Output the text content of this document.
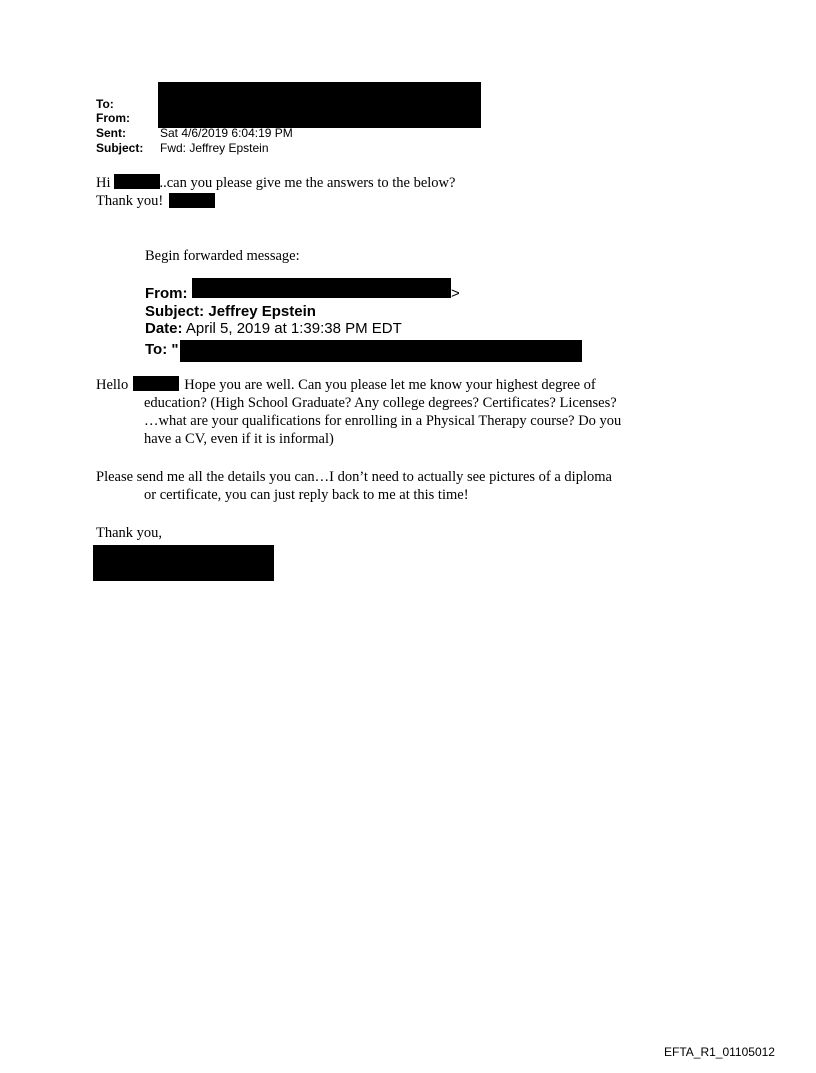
To:
From:
Sent:	Sat 4/6/2019 6:04:19 PM
Subject: Fwd: Jeffrey Epstein
Hi	..can you please give me the answers to the below?
Thank you!
Begin forwarded message:
From:	>
Subject: Jeffrey Epstein
Date: April 5, 2019 at 1:39:38 PM EDT
To: "
Hello	Hope you are well. Can you please let me know your highest degree of
education? (High School Graduate? Any college degrees? Certificates? Licenses?
…what are your qualifications for enrolling in a Physical Therapy course? Do you
have a CV, even if it is informal)
Please send me all the details you can…I don’t need to actually see pictures of a diploma
or certificate, you can just reply back to me at this time!
Thank you,
EFTA_R1_01105012
